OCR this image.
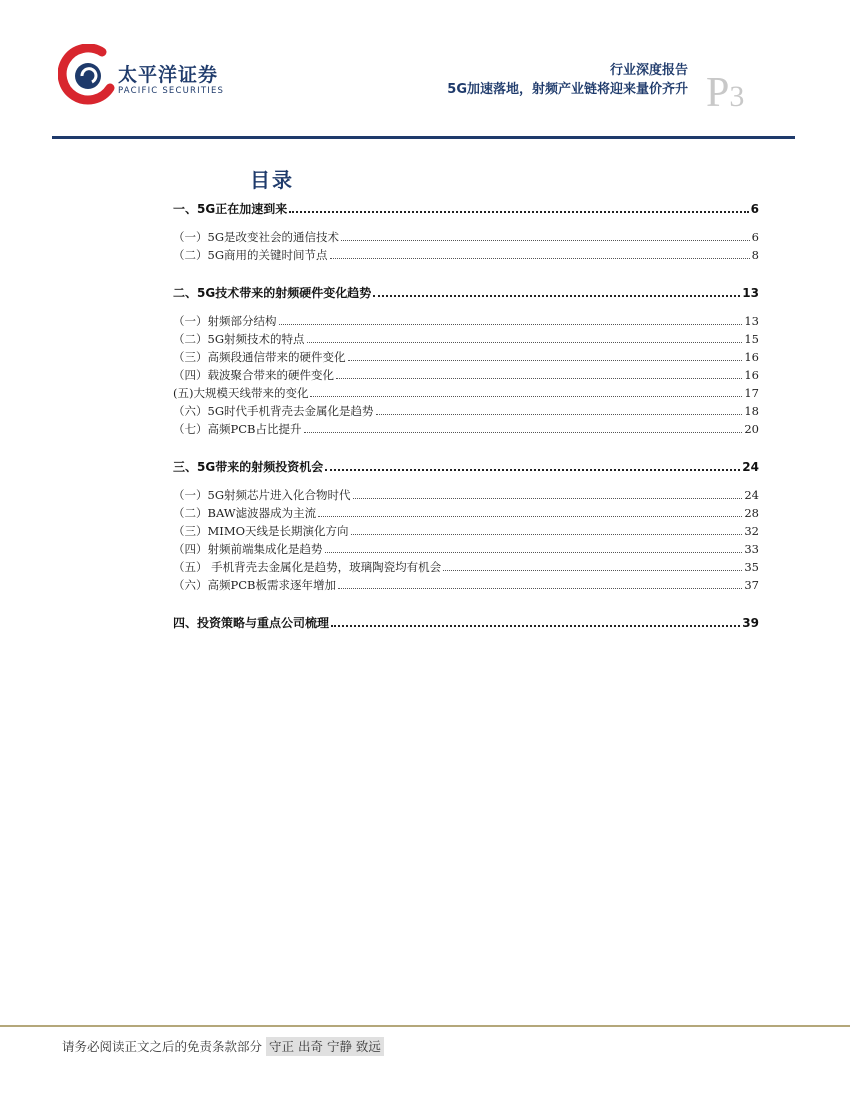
太平洋证券
PACIFIC SECURITIES
行业深度报告
5G加速落地，射频产业链将迎来量价齐升 P3
目录
一、5G正在加速到来	6
（一）5G是改变社会的通信技术	6
（二）5G商用的关键时间节点	8
二、5G技术带来的射频硬件变化趋势	13
（一）射频部分结构	13
（二）5G射频技术的特点	15
（三）高频段通信带来的硬件变化	16
（四）载波聚合带来的硬件变化	16
(五)大规模天线带来的变化	17
（六）5G时代手机背壳去金属化是趋势	18
（七）高频PCB占比提升	20
三、5G带来的射频投资机会	24
（一）5G射频芯片进入化合物时代	24
（二）BAW滤波器成为主流	28
（三）MIMO天线是长期演化方向	32
（四）射频前端集成化是趋势	33
（五） 手机背壳去金属化是趋势，玻璃陶瓷均有机会	35
（六）高频PCB板需求逐年增加	37
四、投资策略与重点公司梳理	39
请务必阅读正文之后的免责条款部分 守正 出奇 宁静 致远
